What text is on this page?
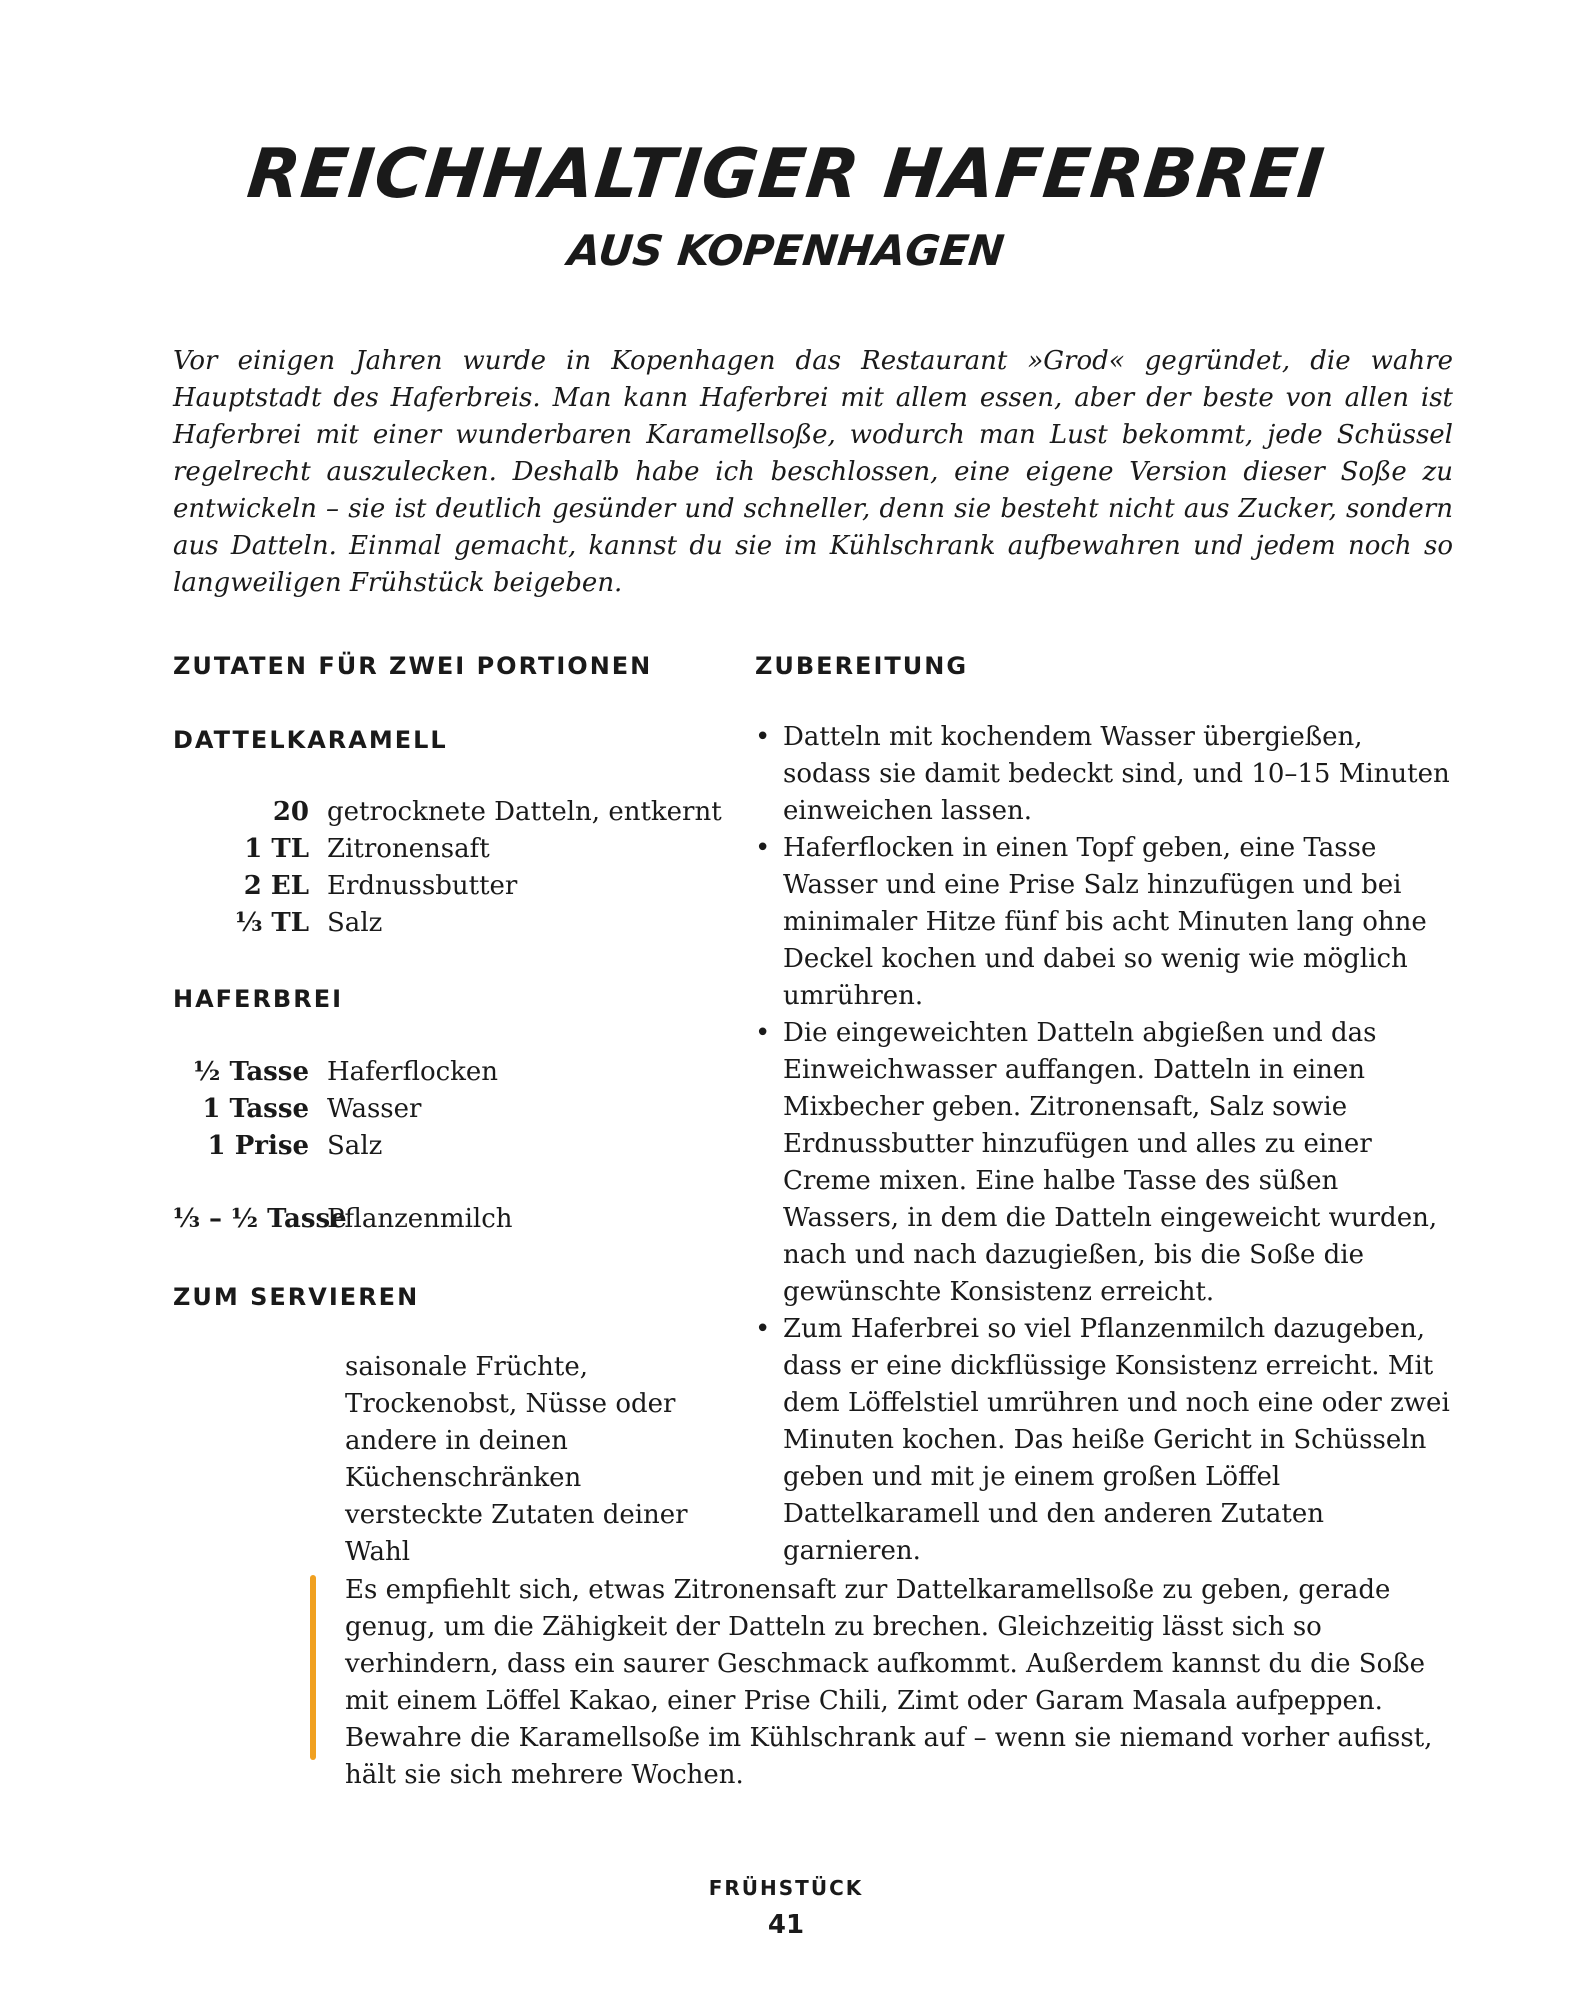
REICHHALTIGER HAFERBREI
AUS KOPENHAGEN

Vor einigen Jahren wurde in Kopenhagen das Restaurant »Grod« gegründet, die wahre Hauptstadt des Haferbreis. Man kann Haferbrei mit allem essen, aber der beste von allen ist Haferbrei mit einer wunderbaren Karamellsoße, wodurch man Lust bekommt, jede Schüssel regelrecht auszulecken. Deshalb habe ich beschlossen, eine eigene Version dieser Soße zu entwickeln – sie ist deutlich gesünder und schneller, denn sie besteht nicht aus Zucker, sondern aus Datteln. Einmal gemacht, kannst du sie im Kühlschrank aufbewahren und jedem noch so langweiligen Frühstück beigeben.

ZUTATEN FÜR ZWEI PORTIONEN	ZUBEREITUNG
DATTELKARAMELL
20 getrocknete Datteln, entkernt
1 TL Zitronensaft
2 EL Erdnussbutter
⅓ TL Salz
HAFERBREI
½ Tasse Haferflocken
1 Tasse Wasser
1 Prise Salz
⅓ – ½ Tasse
Pflanzenmilch
ZUM SERVIEREN

saisonale Früchte, Trockenobst, Nüsse oder andere in deinen Küchenschränken versteckte Zutaten deiner Wahl

• Datteln mit kochendem Wasser übergießen, sodass sie damit bedeckt sind, und 10–15 Minuten einweichen lassen.
• Haferflocken in einen Topf geben, eine Tasse Wasser und eine Prise Salz hinzufügen und bei minimaler Hitze fünf bis acht Minuten lang ohne Deckel kochen und dabei so wenig wie möglich umrühren.
• Die eingeweichten Datteln abgießen und das Einweichwasser auffangen. Datteln in einen Mixbecher geben. Zitronensaft, Salz sowie Erdnussbutter hinzufügen und alles zu einer Creme mixen. Eine halbe Tasse des süßen Wassers, in dem die Datteln eingeweicht wurden, nach und nach dazugießen, bis die Soße die gewünschte Konsistenz erreicht.
• Zum Haferbrei so viel Pflanzenmilch dazugeben, dass er eine dickflüssige Konsistenz erreicht. Mit dem Löffelstiel umrühren und noch eine oder zwei Minuten kochen. Das heiße Gericht in Schüsseln geben und mit je einem großen Löffel Dattelkaramell und den anderen Zutaten garnieren.

Es empfiehlt sich, etwas Zitronensaft zur Dattelkaramellsoße zu geben, gerade genug, um die Zähigkeit der Datteln zu brechen. Gleichzeitig lässt sich so verhindern, dass ein saurer Geschmack aufkommt. Außerdem kannst du die Soße mit einem Löffel Kakao, einer Prise Chili, Zimt oder Garam Masala aufpeppen. Bewahre die Karamellsoße im Kühlschrank auf – wenn sie niemand vorher aufisst, hält sie sich mehrere Wochen.

FRÜHSTÜCK
41
